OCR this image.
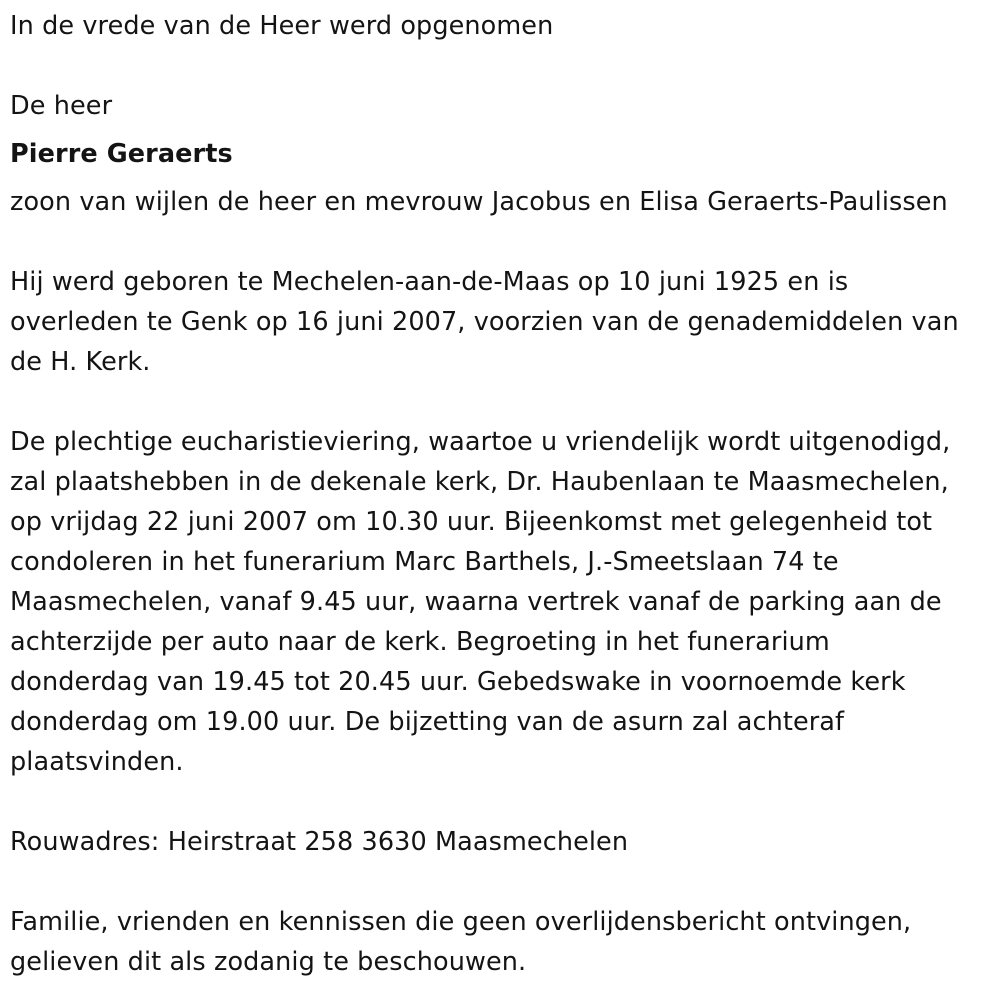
In de vrede van de Heer werd opgenomen

De heer

Pierre Geraerts

zoon van wijlen de heer en mevrouw Jacobus en Elisa Geraerts-Paulissen

Hij werd geboren te Mechelen-aan-de-Maas op 10 juni 1925 en is

overleden te Genk op 16 juni 2007, voorzien van de genademiddelen van

de H. Kerk.

De plechtige eucharistieviering, waartoe u vriendelijk wordt uitgenodigd,

zal plaatshebben in de dekenale kerk, Dr. Haubenlaan te Maasmechelen,

op vrijdag 22 juni 2007 om 10.30 uur. Bijeenkomst met gelegenheid tot

condoleren in het funerarium Marc Barthels, J.-Smeetslaan 74 te

Maasmechelen, vanaf 9.45 uur, waarna vertrek vanaf de parking aan de

achterzijde per auto naar de kerk. Begroeting in het funerarium

donderdag van 19.45 tot 20.45 uur. Gebedswake in voornoemde kerk

donderdag om 19.00 uur. De bijzetting van de asurn zal achteraf

plaatsvinden.

Rouwadres: Heirstraat 258 3630 Maasmechelen

Familie, vrienden en kennissen die geen overlijdensbericht ontvingen,

gelieven dit als zodanig te beschouwen.
